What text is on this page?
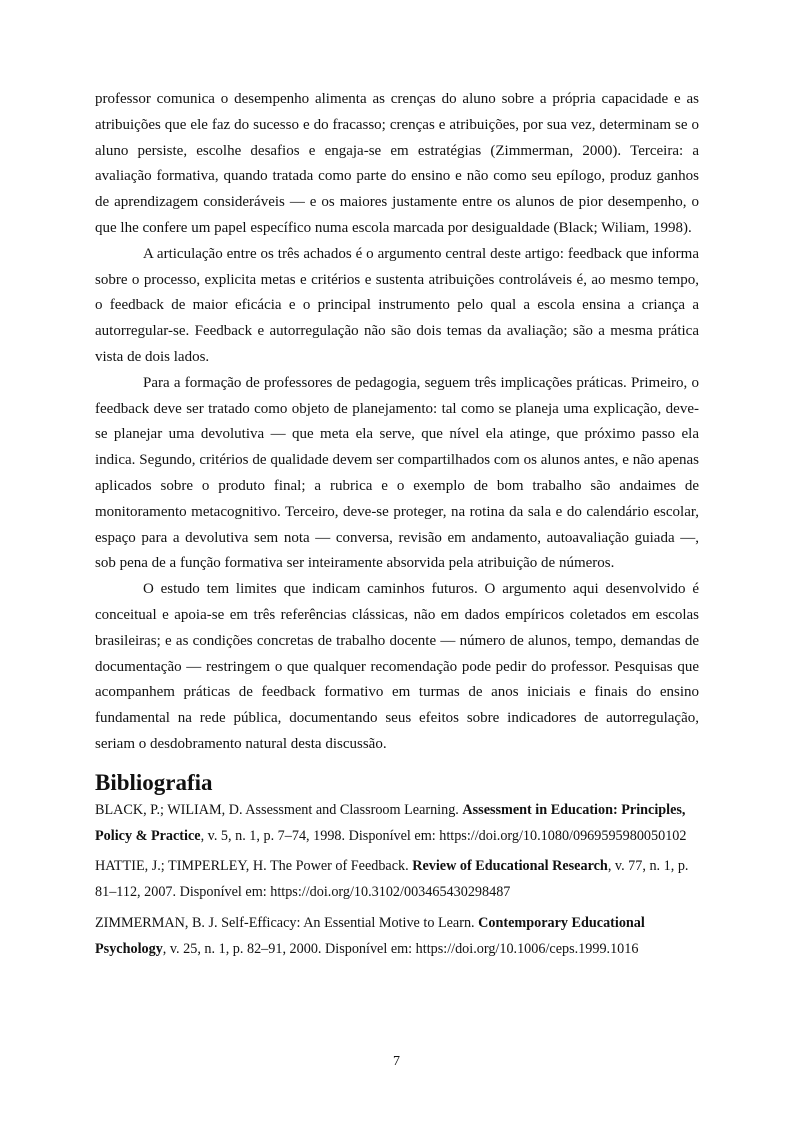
professor comunica o desempenho alimenta as crenças do aluno sobre a própria capacidade e as atribuições que ele faz do sucesso e do fracasso; crenças e atribuições, por sua vez, determinam se o aluno persiste, escolhe desafios e engaja-se em estratégias (Zimmerman, 2000). Terceira: a avaliação formativa, quando tratada como parte do ensino e não como seu epílogo, produz ganhos de aprendizagem consideráveis — e os maiores justamente entre os alunos de pior desempenho, o que lhe confere um papel específico numa escola marcada por desigualdade (Black; Wiliam, 1998).

A articulação entre os três achados é o argumento central deste artigo: feedback que informa sobre o processo, explicita metas e critérios e sustenta atribuições controláveis é, ao mesmo tempo, o feedback de maior eficácia e o principal instrumento pelo qual a escola ensina a criança a autorregular-se. Feedback e autorregulação não são dois temas da avaliação; são a mesma prática vista de dois lados.

Para a formação de professores de pedagogia, seguem três implicações práticas. Primeiro, o feedback deve ser tratado como objeto de planejamento: tal como se planeja uma explicação, deve-se planejar uma devolutiva — que meta ela serve, que nível ela atinge, que próximo passo ela indica. Segundo, critérios de qualidade devem ser compartilhados com os alunos antes, e não apenas aplicados sobre o produto final; a rubrica e o exemplo de bom trabalho são andaimes de monitoramento metacognitivo. Terceiro, deve-se proteger, na rotina da sala e do calendário escolar, espaço para a devolutiva sem nota — conversa, revisão em andamento, autoavaliação guiada —, sob pena de a função formativa ser inteiramente absorvida pela atribuição de números.

O estudo tem limites que indicam caminhos futuros. O argumento aqui desenvolvido é conceitual e apoia-se em três referências clássicas, não em dados empíricos coletados em escolas brasileiras; e as condições concretas de trabalho docente — número de alunos, tempo, demandas de documentação — restringem o que qualquer recomendação pode pedir do professor. Pesquisas que acompanhem práticas de feedback formativo em turmas de anos iniciais e finais do ensino fundamental na rede pública, documentando seus efeitos sobre indicadores de autorregulação, seriam o desdobramento natural desta discussão.

Bibliografia

BLACK, P.; WILIAM, D. Assessment and Classroom Learning. Assessment in Education: Principles, Policy & Practice, v. 5, n. 1, p. 7–74, 1998. Disponível em: https://doi.org/10.1080/0969595980050102

HATTIE, J.; TIMPERLEY, H. The Power of Feedback. Review of Educational Research, v. 77, n. 1, p. 81–112, 2007. Disponível em: https://doi.org/10.3102/003465430298487

ZIMMERMAN, B. J. Self-Efficacy: An Essential Motive to Learn. Contemporary Educational Psychology, v. 25, n. 1, p. 82–91, 2000. Disponível em: https://doi.org/10.1006/ceps.1999.1016

7
